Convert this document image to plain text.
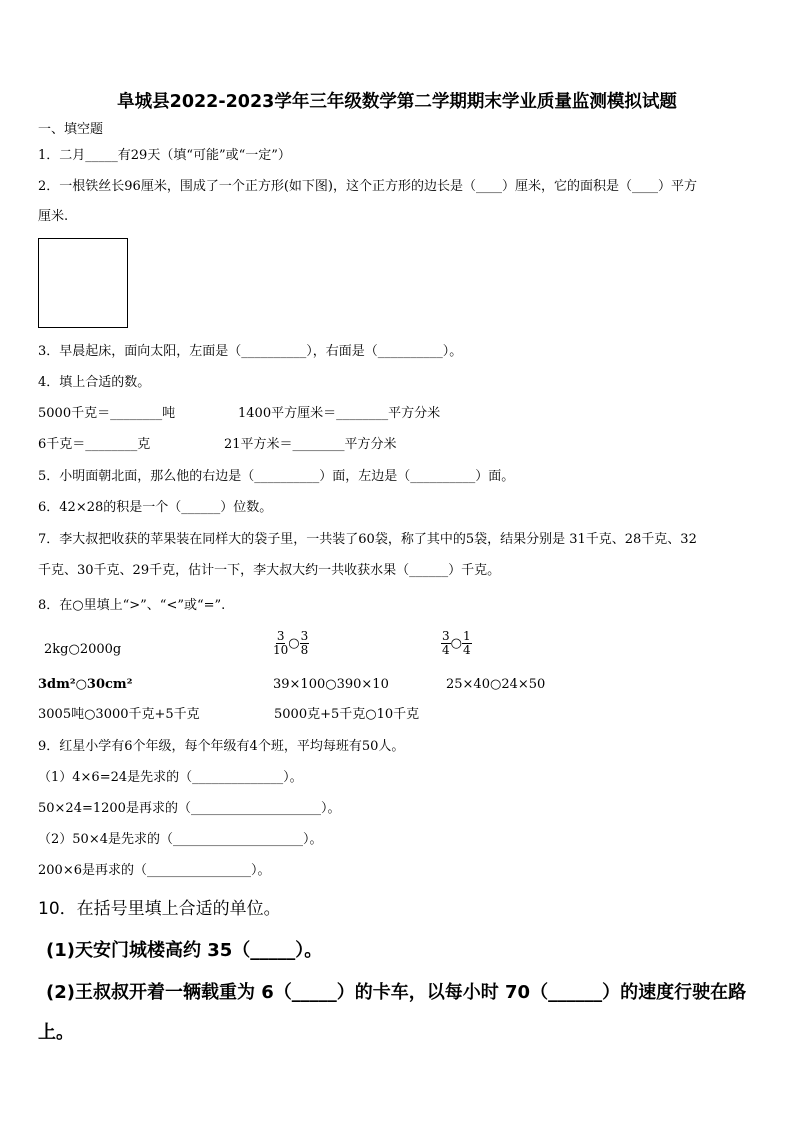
阜城县2022-2023学年三年级数学第二学期期末学业质量监测模拟试题
一、填空题
1．二月_____有29天（填“可能”或“一定”）
2．一根铁丝长96厘米，围成了一个正方形(如下图)，这个正方形的边长是（____）厘米，它的面积是（____）平方
厘米.
3．早晨起床，面向太阳，左面是（__________），右面是（__________）。
4．填上合适的数。
5000千克＝________吨	1400平方厘米＝________平方分米
6千克＝________克	21平方米＝________平方分米
5．小明面朝北面，那么他的右边是（__________）面，左边是（__________）面。
6．42×28的积是一个（______）位数。
7．李大叔把收获的苹果装在同样大的袋子里，一共装了60袋，称了其中的5袋，结果分别是 31千克、28千克、32
千克、30千克、29千克，估计一下，李大叔大约一共收获水果（______）千克。
8．在○里填上“>”、“<”或“=”.
2kg○2000g	$\frac{3}{10}$ ○ $\frac{3}{8}$	$\frac{3}{4}$ ○ $\frac{1}{4}$
3dm²○30cm²	39×100○390×10	25×40○24×50
3005吨○3000千克+5千克	5000克+5千克○10千克
9．红星小学有6个年级，每个年级有4个班，平均每班有50人。
（1）4×6=24是先求的（______________）。
50×24=1200是再求的（____________________）。
（2）50×4是先求的（____________________）。
200×6是再求的（________________）。
10．在括号里填上合适的单位。
(1)天安门城楼高约 35（_____）。
(2)王叔叔开着一辆载重为 6（_____）的卡车，以每小时 70（______）的速度行驶在路
上。
